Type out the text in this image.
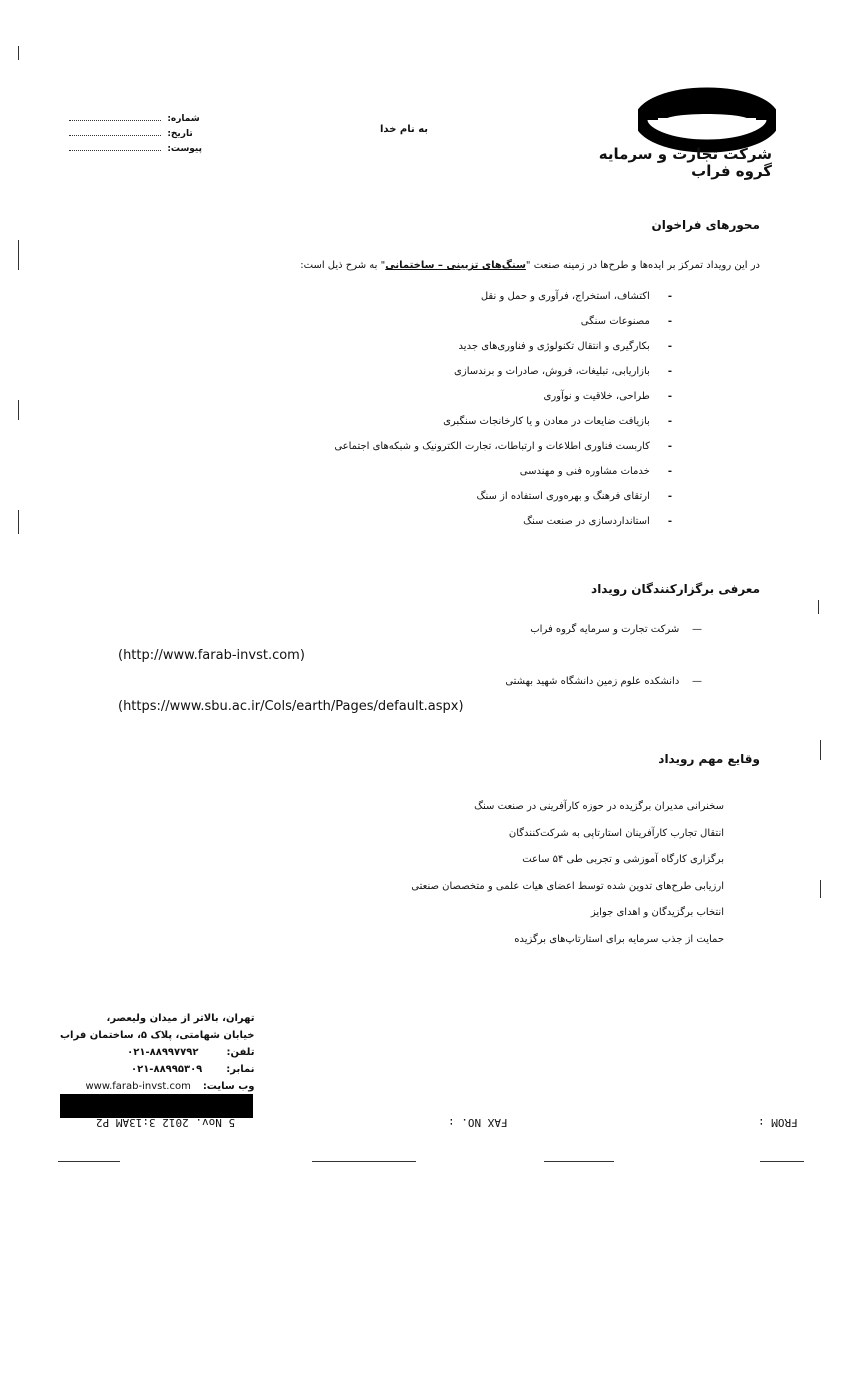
شرکت تجارت و سرمایه
گروه فراب
شماره:
تاریخ:
پیوست:
به نام خدا
محورهای فراخوان
در این رویداد تمرکز بر ایده‌ها و طرح‌ها در زمینه صنعت "سنگ‌های تزیینی – ساختمانی" به شرح ذیل است:
-
اکتشاف، استخراج، فرآوری و حمل و نقل
-
مصنوعات سنگی
-
بکارگیری و انتقال تکنولوژی و فناوری‌های جدید
-
بازاریابی، تبلیغات، فروش، صادرات و برندسازی
-
طراحی، خلاقیت و نوآوری
-
بازیافت ضایعات در معادن و یا کارخانجات سنگبری
-
کاربست فناوری اطلاعات و ارتباطات، تجارت الکترونیک و شبکه‌های اجتماعی
-
خدمات مشاوره فنی و مهندسی
-
ارتقای فرهنگ و بهره‌وری استفاده از سنگ
-
استانداردسازی در صنعت سنگ
معرفی برگزارکنندگان رویداد
—    شرکت تجارت و سرمایه گروه فراب
(http://www.farab-invst.com)
—    دانشکده علوم زمین دانشگاه شهید بهشتی
(https://www.sbu.ac.ir/Cols/earth/Pages/default.aspx)
وقایع مهم رویداد
سخنرانی مدیران برگزیده در حوزه کارآفرینی در صنعت سنگ
انتقال تجارب کارآفرینان استارتاپی به شرکت‌کنندگان
برگزاری کارگاه آموزشی و تجربی طی ۵۴ ساعت
ارزیابی طرح‌های تدوین شده توسط اعضای هیات علمی و متخصصان صنعتی
انتخاب برگزیدگان و اهدای جوایز
حمایت از جذب سرمایه برای استارتاپ‌های برگزیده
تهران، بالاتر از میدان ولیعصر،
خیابان شهامتی، پلاک ۵، ساختمان فراب
تلفن:
۰۲۱-۸۸۹۹۷۷۹۲
نمابر:
۰۲۱-۸۸۹۹۵۳۰۹
وب سایت:
www.farab-invst.com
FROM :
FAX NO. :
5 Nov. 2012 3:13AM P2
